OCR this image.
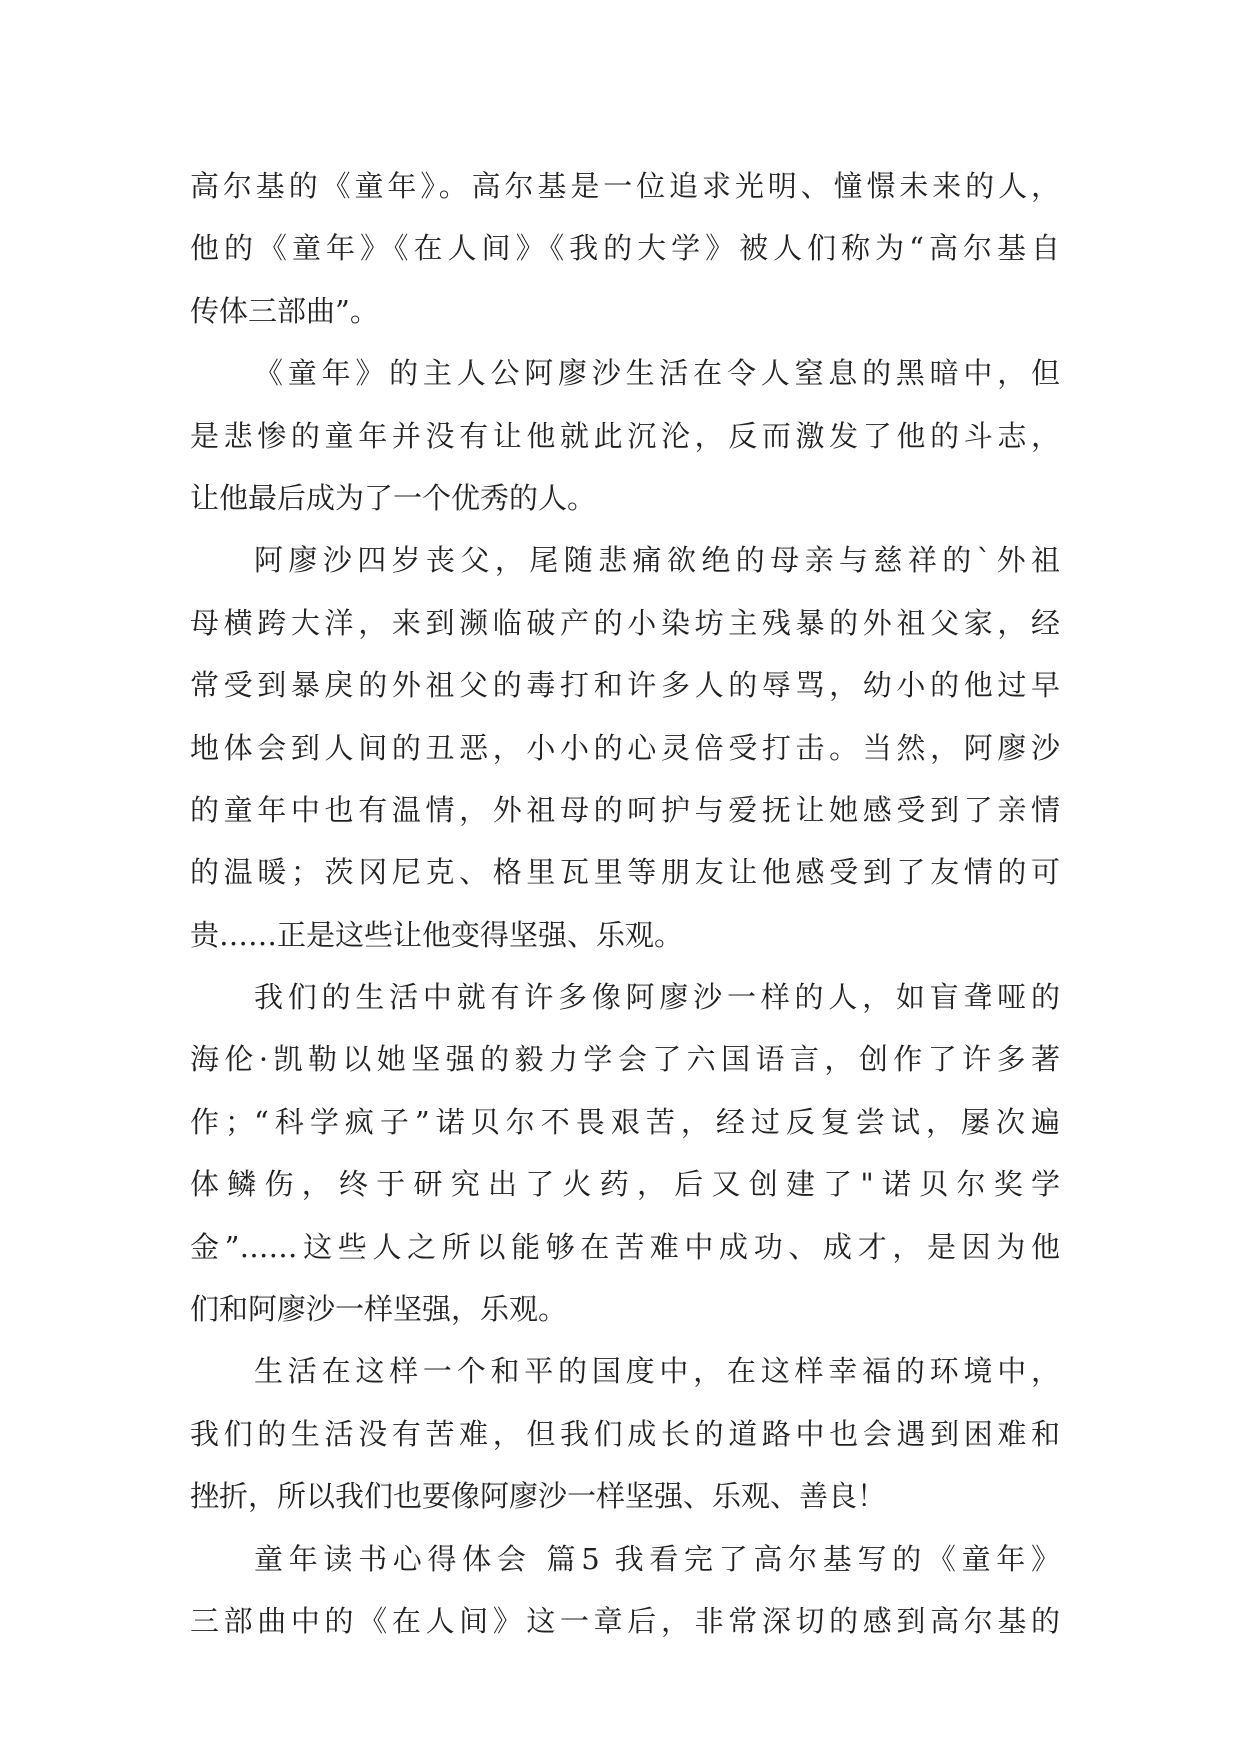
高尔基的《童年》。高尔基是一位追求光明、憧憬未来的人，
他的《童年》《在人间》《我的大学》被人们称为“高尔基自
传体三部曲”。
《童年》的主人公阿廖沙生活在令人窒息的黑暗中，但
是悲惨的童年并没有让他就此沉沦，反而激发了他的斗志，
让他最后成为了一个优秀的人。
阿廖沙四岁丧父，尾随悲痛欲绝的母亲与慈祥的`外祖
母横跨大洋，来到濒临破产的小染坊主残暴的外祖父家，经
常受到暴戾的外祖父的毒打和许多人的辱骂，幼小的他过早
地体会到人间的丑恶，小小的心灵倍受打击。当然，阿廖沙
的童年中也有温情，外祖母的呵护与爱抚让她感受到了亲情
的温暖；茨冈尼克、格里瓦里等朋友让他感受到了友情的可
贵……正是这些让他变得坚强、乐观。
我们的生活中就有许多像阿廖沙一样的人，如盲聋哑的
海伦·凯勒以她坚强的毅力学会了六国语言，创作了许多著
作；“科学疯子”诺贝尔不畏艰苦，经过反复尝试，屡次遍
体鳞伤，终于研究出了火药，后又创建了"诺贝尔奖学
金”……这些人之所以能够在苦难中成功、成才，是因为他
们和阿廖沙一样坚强，乐观。
生活在这样一个和平的国度中，在这样幸福的环境中，
我们的生活没有苦难，但我们成长的道路中也会遇到困难和
挫折，所以我们也要像阿廖沙一样坚强、乐观、善良！
童年读书心得体会 篇5 我看完了高尔基写的《童年》
三部曲中的《在人间》这一章后，非常深切的感到高尔基的
